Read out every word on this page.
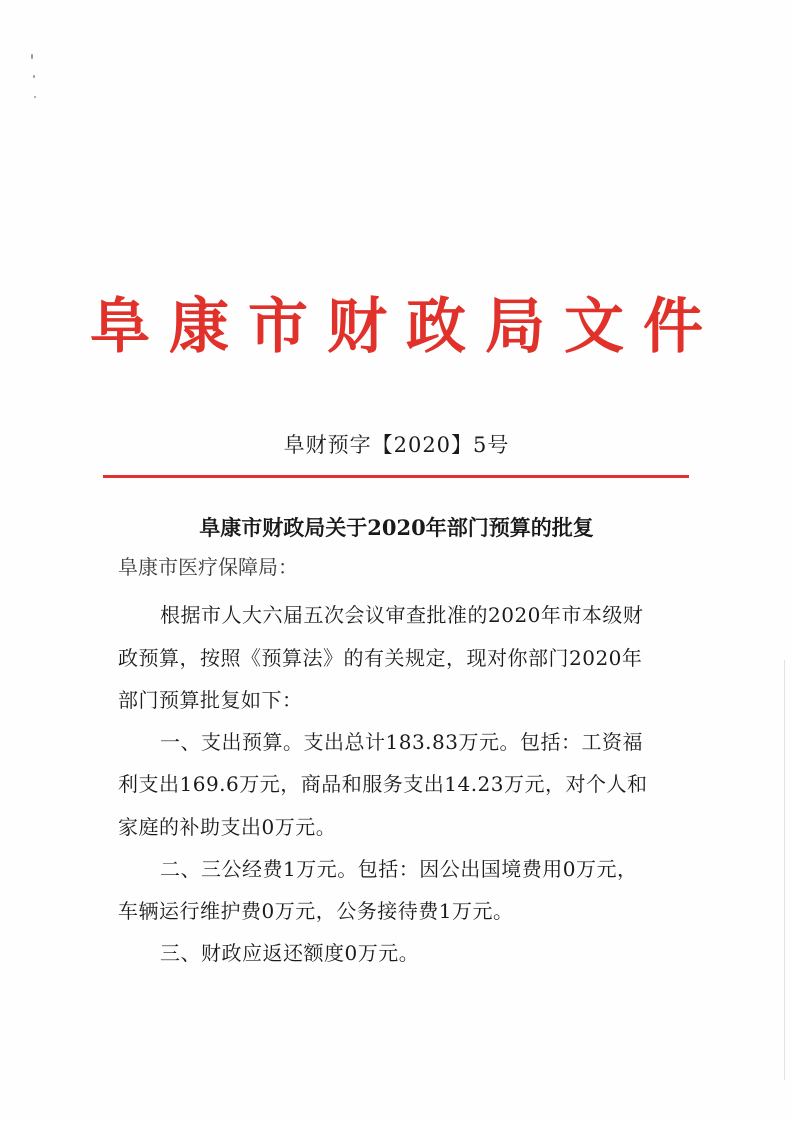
阜康市财政局文件
阜财预字【2020】5号
阜康市财政局关于2020年部门预算的批复
阜康市医疗保障局：
根据市人大六届五次会议审查批准的2020年市本级财
政预算，按照《预算法》的有关规定，现对你部门2020年
部门预算批复如下：
一、支出预算。支出总计183.83万元。包括：工资福
利支出169.6万元，商品和服务支出14.23万元，对个人和
家庭的补助支出0万元。
二、三公经费1万元。包括：因公出国境费用0万元，
车辆运行维护费0万元，公务接待费1万元。
三、财政应返还额度0万元。
